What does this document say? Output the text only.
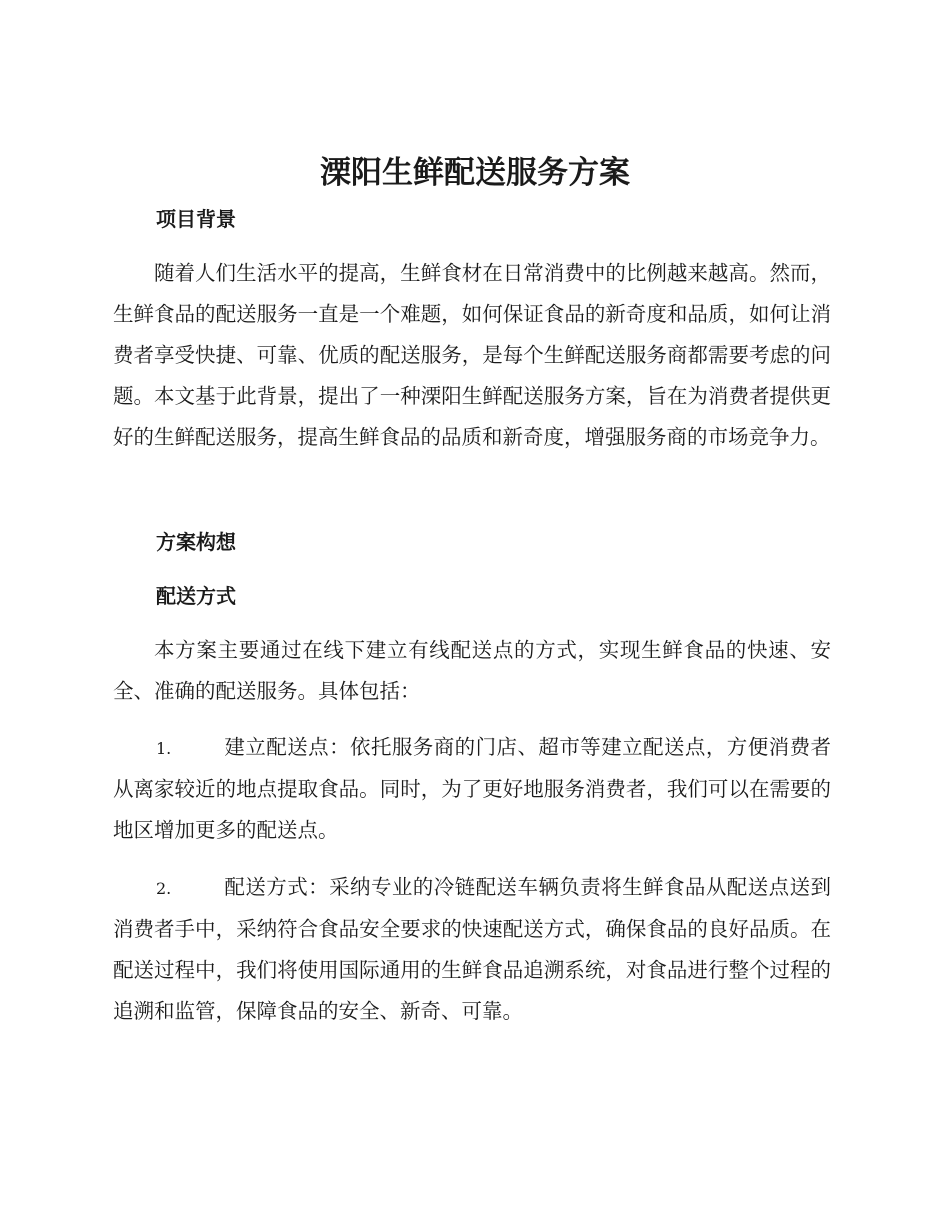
溧阳生鲜配送服务方案
项目背景

随着人们生活水平的提高，生鲜食材在日常消费中的比例越来越高。然而，生鲜食品的配送服务一直是一个难题，如何保证食品的新奇度和品质，如何让消费者享受快捷、可靠、优质的配送服务，是每个生鲜配送服务商都需要考虑的问题。本文基于此背景，提出了一种溧阳生鲜配送服务方案，旨在为消费者提供更好的生鲜配送服务，提高生鲜食品的品质和新奇度，增强服务商的市场竞争力。

方案构想
配送方式

本方案主要通过在线下建立有线配送点的方式，实现生鲜食品的快速、安全、准确的配送服务。具体包括：

1.	建立配送点：依托服务商的门店、超市等建立配送点，方便消费者从离家较近的地点提取食品。同时，为了更好地服务消费者，我们可以在需要的地区增加更多的配送点。
2.	配送方式：采纳专业的冷链配送车辆负责将生鲜食品从配送点送到消费者手中，采纳符合食品安全要求的快速配送方式，确保食品的良好品质。在配送过程中，我们将使用国际通用的生鲜食品追溯系统，对食品进行整个过程的追溯和监管，保障食品的安全、新奇、可靠。
